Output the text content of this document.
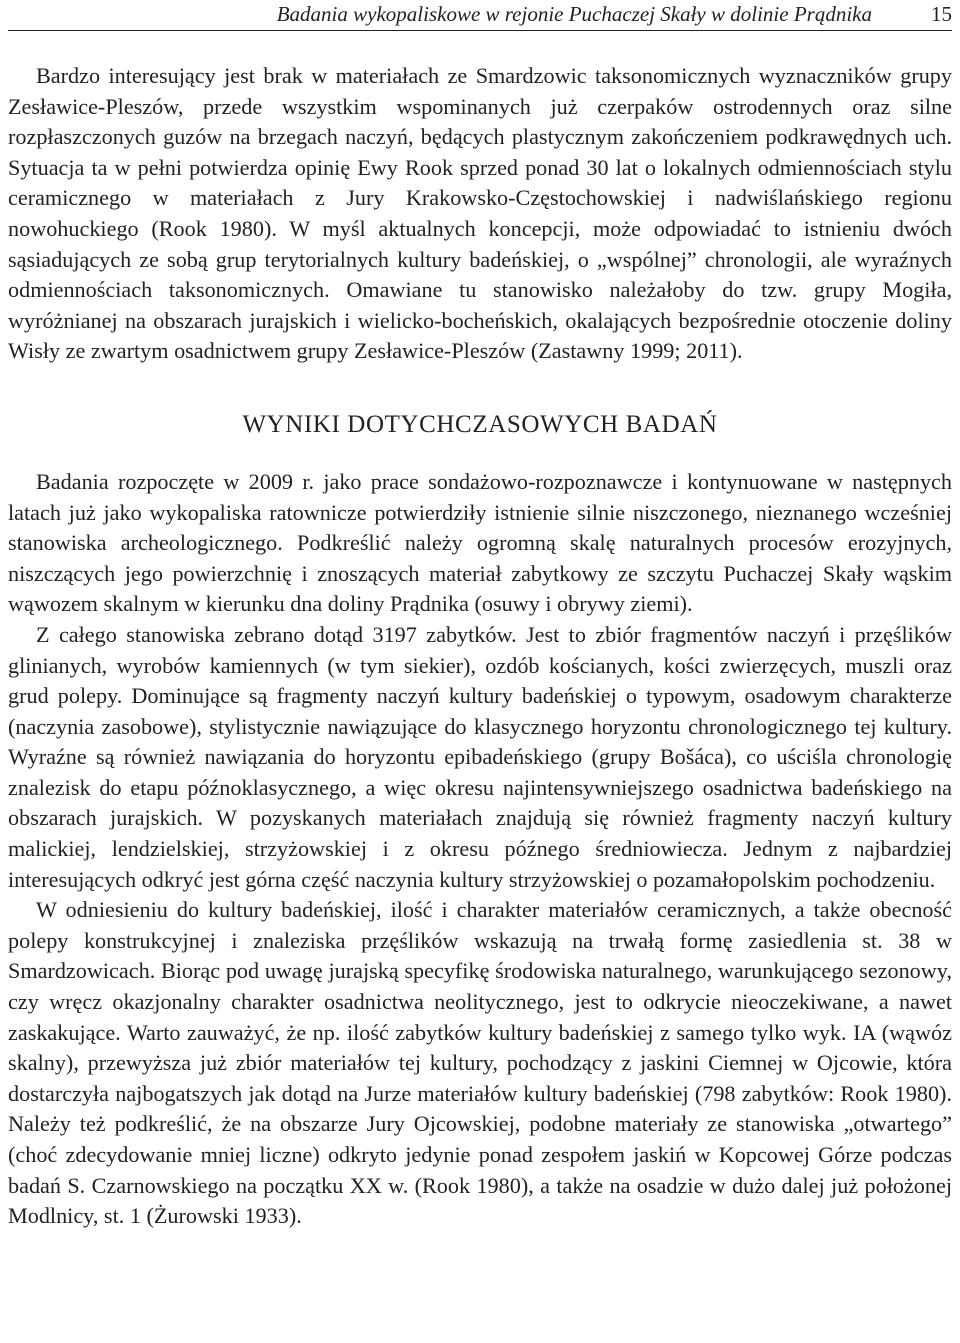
Badania wykopaliskowe w rejonie Puchaczej Skały w dolinie Prądnika	15

Bardzo interesujący jest brak w materiałach ze Smardzowic taksonomicznych wyznaczników grupy Zesławice-Pleszów, przede wszystkim wspominanych już czerpaków ostrodennych oraz silne rozpłaszczonych guzów na brzegach naczyń, będących plastycznym zakończeniem podkrawędnych uch. Sytuacja ta w pełni potwierdza opinię Ewy Rook sprzed ponad 30 lat o lokalnych odmiennościach stylu ceramicznego w materiałach z Jury Krakowsko-Częstochowskiej i nadwiślańskiego regionu nowohuckiego (Rook 1980). W myśl aktualnych koncepcji, może odpowiadać to istnieniu dwóch sąsiadujących ze sobą grup terytorialnych kultury badeńskiej, o „wspólnej” chronologii, ale wyraźnych odmiennościach taksonomicznych. Omawiane tu stanowisko należałoby do tzw. grupy Mogiła, wyróżnianej na obszarach jurajskich i wielicko-bocheńskich, okalających bezpośrednie otoczenie doliny Wisły ze zwartym osadnictwem grupy Zesławice-Pleszów (Zastawny 1999; 2011).

WYNIKI DOTYCHCZASOWYCH BADAŃ

Badania rozpoczęte w 2009 r. jako prace sondażowo-rozpoznawcze i kontynuowane w następnych latach już jako wykopaliska ratownicze potwierdziły istnienie silnie niszczonego, nieznanego wcześniej stanowiska archeologicznego. Podkreślić należy ogromną skalę naturalnych procesów erozyjnych, niszczących jego powierzchnię i znoszących materiał zabytkowy ze szczytu Puchaczej Skały wąskim wąwozem skalnym w kierunku dna doliny Prądnika (osuwy i obrywy ziemi).

Z całego stanowiska zebrano dotąd 3197 zabytków. Jest to zbiór fragmentów naczyń i przęślików glinianych, wyrobów kamiennych (w tym siekier), ozdób kościanych, kości zwierzęcych, muszli oraz grud polepy. Dominujące są fragmenty naczyń kultury badeńskiej o typowym, osadowym charakterze (naczynia zasobowe), stylistycznie nawiązujące do klasycznego horyzontu chronologicznego tej kultury. Wyraźne są również nawiązania do horyzontu epibadeńskiego (grupy Bošáca), co uściśla chronologię znalezisk do etapu późnoklasycznego, a więc okresu najintensywniejszego osadnictwa badeńskiego na obszarach jurajskich. W pozyskanych materiałach znajdują się również fragmenty naczyń kultury malickiej, lendzielskiej, strzyżowskiej i z okresu późnego średniowiecza. Jednym z najbardziej interesujących odkryć jest górna część naczynia kultury strzyżowskiej o pozamałopolskim pochodzeniu.

W odniesieniu do kultury badeńskiej, ilość i charakter materiałów ceramicznych, a także obecność polepy konstrukcyjnej i znaleziska przęślików wskazują na trwałą formę zasiedlenia st. 38 w Smardzowicach. Biorąc pod uwagę jurajską specyfikę środowiska naturalnego, warunkującego sezonowy, czy wręcz okazjonalny charakter osadnictwa neolitycznego, jest to odkrycie nieoczekiwane, a nawet zaskakujące. Warto zauważyć, że np. ilość zabytków kultury badeńskiej z samego tylko wyk. IA (wąwóz skalny), przewyższa już zbiór materiałów tej kultury, pochodzący z jaskini Ciemnej w Ojcowie, która dostarczyła najbogatszych jak dotąd na Jurze materiałów kultury badeńskiej (798 zabytków: Rook 1980). Należy też podkreślić, że na obszarze Jury Ojcowskiej, podobne materiały ze stanowiska „otwartego” (choć zdecydowanie mniej liczne) odkryto jedynie ponad zespołem jaskiń w Kopcowej Górze podczas badań S. Czarnowskiego na początku XX w. (Rook 1980), a także na osadzie w dużo dalej już położonej Modlnicy, st. 1 (Żurowski 1933).
